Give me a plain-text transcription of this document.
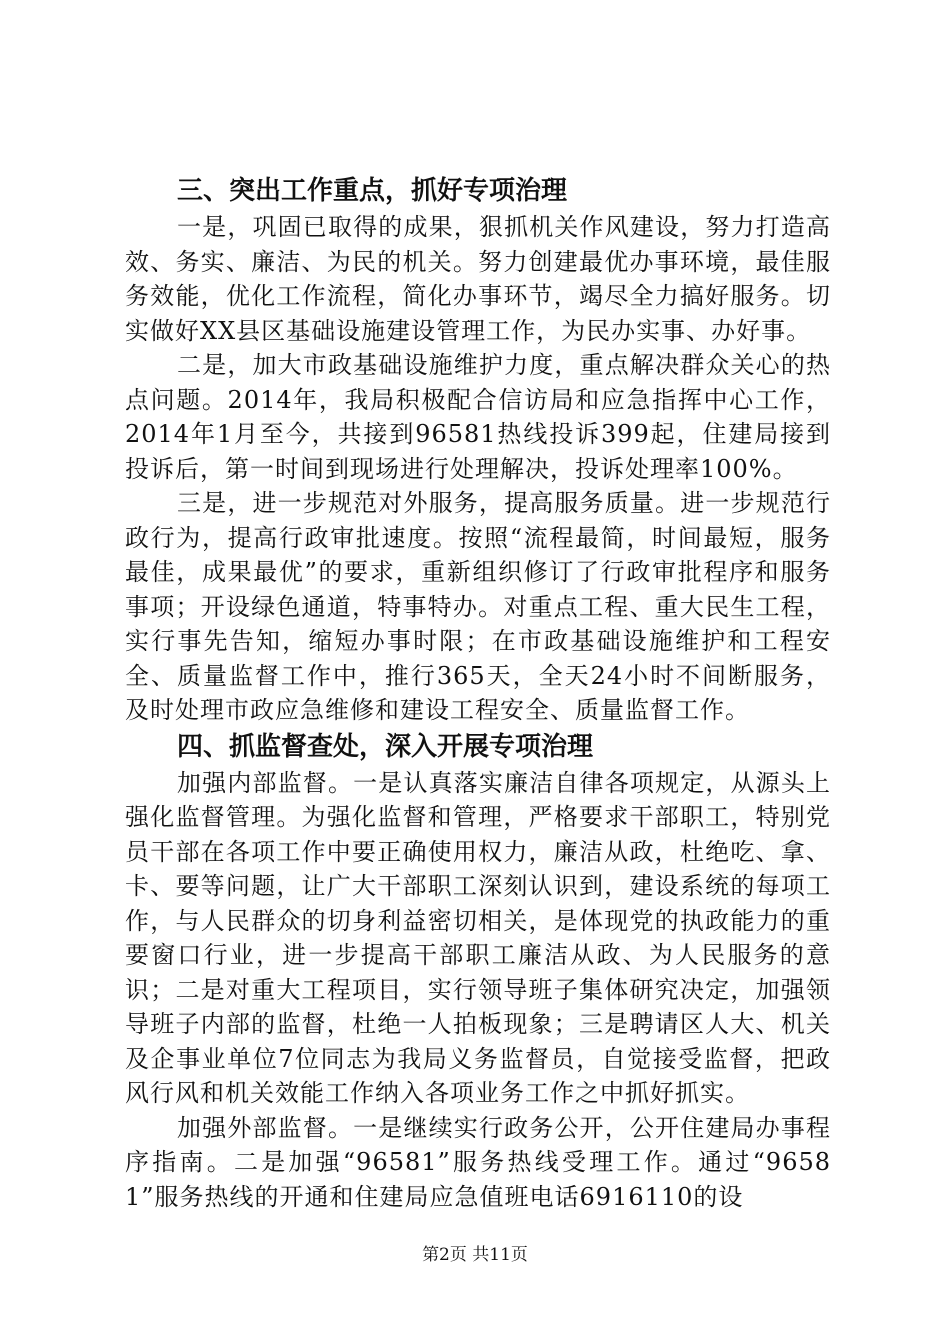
三、突出工作重点，抓好专项治理

一是，巩固已取得的成果，狠抓机关作风建设，努力打造高效、务实、廉洁、为民的机关。努力创建最优办事环境，最佳服务效能，优化工作流程，简化办事环节，竭尽全力搞好服务。切实做好XX县区基础设施建设管理工作，为民办实事、办好事。

二是，加大市政基础设施维护力度，重点解决群众关心的热点问题。2014年，我局积极配合信访局和应急指挥中心工作，2014年1月至今，共接到96581热线投诉399起，住建局接到投诉后，第一时间到现场进行处理解决，投诉处理率100%。

三是，进一步规范对外服务，提高服务质量。进一步规范行政行为，提高行政审批速度。按照“流程最简，时间最短，服务最佳，成果最优”的要求，重新组织修订了行政审批程序和服务事项；开设绿色通道，特事特办。对重点工程、重大民生工程，实行事先告知，缩短办事时限；在市政基础设施维护和工程安全、质量监督工作中，推行365天，全天24小时不间断服务，及时处理市政应急维修和建设工程安全、质量监督工作。

四、抓监督查处，深入开展专项治理

加强内部监督。一是认真落实廉洁自律各项规定，从源头上强化监督管理。为强化监督和管理，严格要求干部职工，特别党员干部在各项工作中要正确使用权力，廉洁从政，杜绝吃、拿、卡、要等问题，让广大干部职工深刻认识到，建设系统的每项工作，与人民群众的切身利益密切相关，是体现党的执政能力的重要窗口行业，进一步提高干部职工廉洁从政、为人民服务的意识；二是对重大工程项目，实行领导班子集体研究决定，加强领导班子内部的监督，杜绝一人拍板现象；三是聘请区人大、机关及企事业单位7位同志为我局义务监督员，自觉接受监督，把政风行风和机关效能工作纳入各项业务工作之中抓好抓实。

加强外部监督。一是继续实行政务公开，公开住建局办事程序指南。二是加强“96581”服务热线受理工作。通过“96581”服务热线的开通和住建局应急值班电话6916110的设

第2页 共11页
